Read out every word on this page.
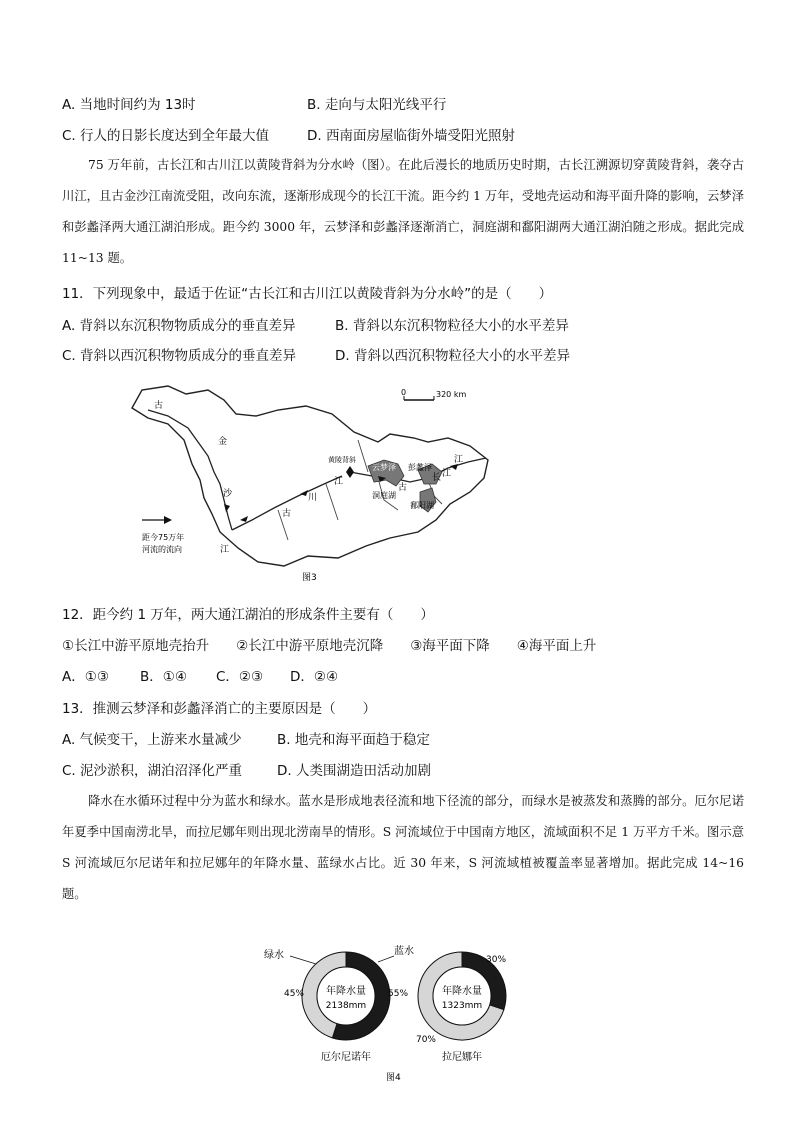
A. 当地时间约为 13时	B. 走向与太阳光线平行
C. 行人的日影长度达到全年最大值	D. 西南面房屋临街外墙受阳光照射
75 万年前，古长江和古川江以黄陵背斜为分水岭（图）。在此后漫长的地质历史时期，古长江溯源切穿黄陵背斜，袭夺古川江，且古金沙江南流受阻，改向东流，逐渐形成现今的长江干流。距今约 1 万年，受地壳运动和海平面升降的影响，云梦泽和彭蠡泽两大通江湖泊形成。距今约 3000 年，云梦泽和彭蠡泽逐渐消亡，洞庭湖和鄱阳湖两大通江湖泊随之形成。据此完成 11~13 题。
11．下列现象中，最适于佐证“古长江和古川江以黄陵背斜为分水岭”的是（　　）
A. 背斜以东沉积物物质成分的垂直差异	B. 背斜以东沉积物粒径大小的水平差异
C. 背斜以西沉积物物质成分的垂直差异	D. 背斜以西沉积物粒径大小的水平差异
0	320 km
古
金
沙
江
黄陵背斜
云梦泽 彭蠡泽
江
古
川
江
洞庭湖
古
长 江
鄱阳湖
距今75万年
河流的流向
图3
12．距今约 1 万年，两大通江湖泊的形成条件主要有（　　）
①长江中游平原地壳抬升　　②长江中游平原地壳沉降　　③海平面下降　　④海平面上升
A．①③ B．①④ C．②③ D．②④
13．推测云梦泽和彭蠡泽消亡的主要原因是（　　）
A. 气候变干，上游来水量减少	B. 地壳和海平面趋于稳定
C. 泥沙淤积，湖泊沼泽化严重	D. 人类围湖造田活动加剧
降水在水循环过程中分为蓝水和绿水。蓝水是形成地表径流和地下径流的部分，而绿水是被蒸发和蒸腾的部分。厄尔尼诺年夏季中国南涝北旱，而拉尼娜年则出现北涝南旱的情形。S 河流域位于中国南方地区，流域面积不足 1 万平方千米。图示意 S 河流域厄尔尼诺年和拉尼娜年的年降水量、蓝绿水占比。近 30 年来，S 河流域植被覆盖率显著增加。据此完成 14~16 题。
绿水	蓝水
55%
45% 年降水量
2138mm
厄尔尼诺年
30%
70%
年降水量
1323mm
拉尼娜年
图4
